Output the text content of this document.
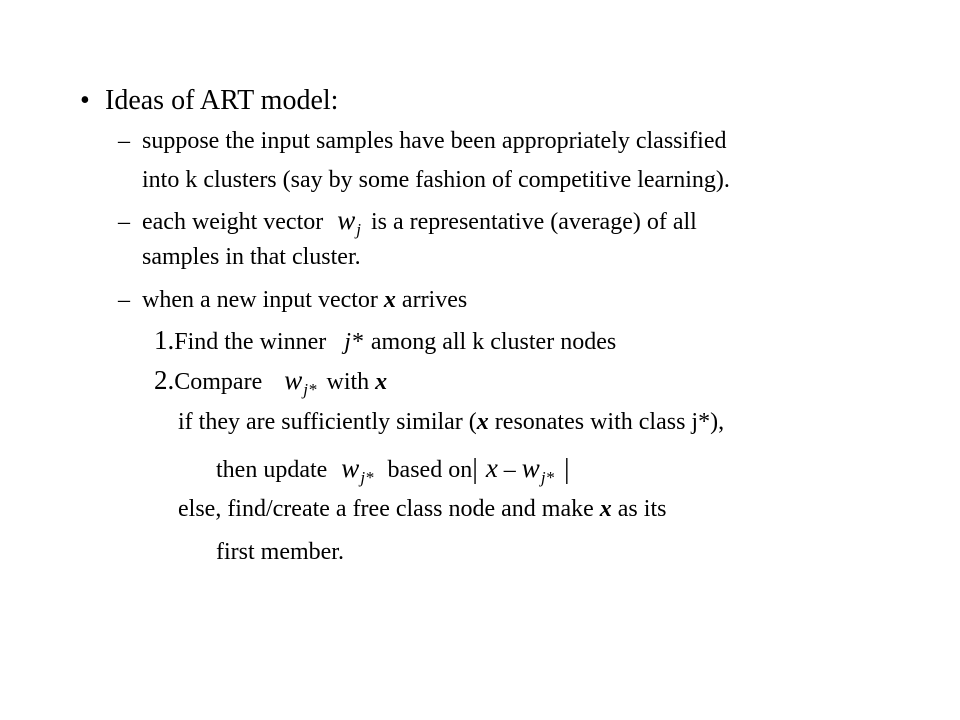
• Ideas of ART model:
– suppose the input samples have been appropriately classified
into k clusters (say by some fashion of competitive learning).
– each weight vector $w_j$ is a representative (average) of all
samples in that cluster.
– when a new input vector x arrives
1.Find the winner j* among all k cluster nodes
2.Compare $w_{j*}$ with x
if they are sufficiently similar (x resonates with class j*),
then update $w_{j*}$ based on| x – $w_{j*}$ |
else, find/create a free class node and make x as its
first member.
